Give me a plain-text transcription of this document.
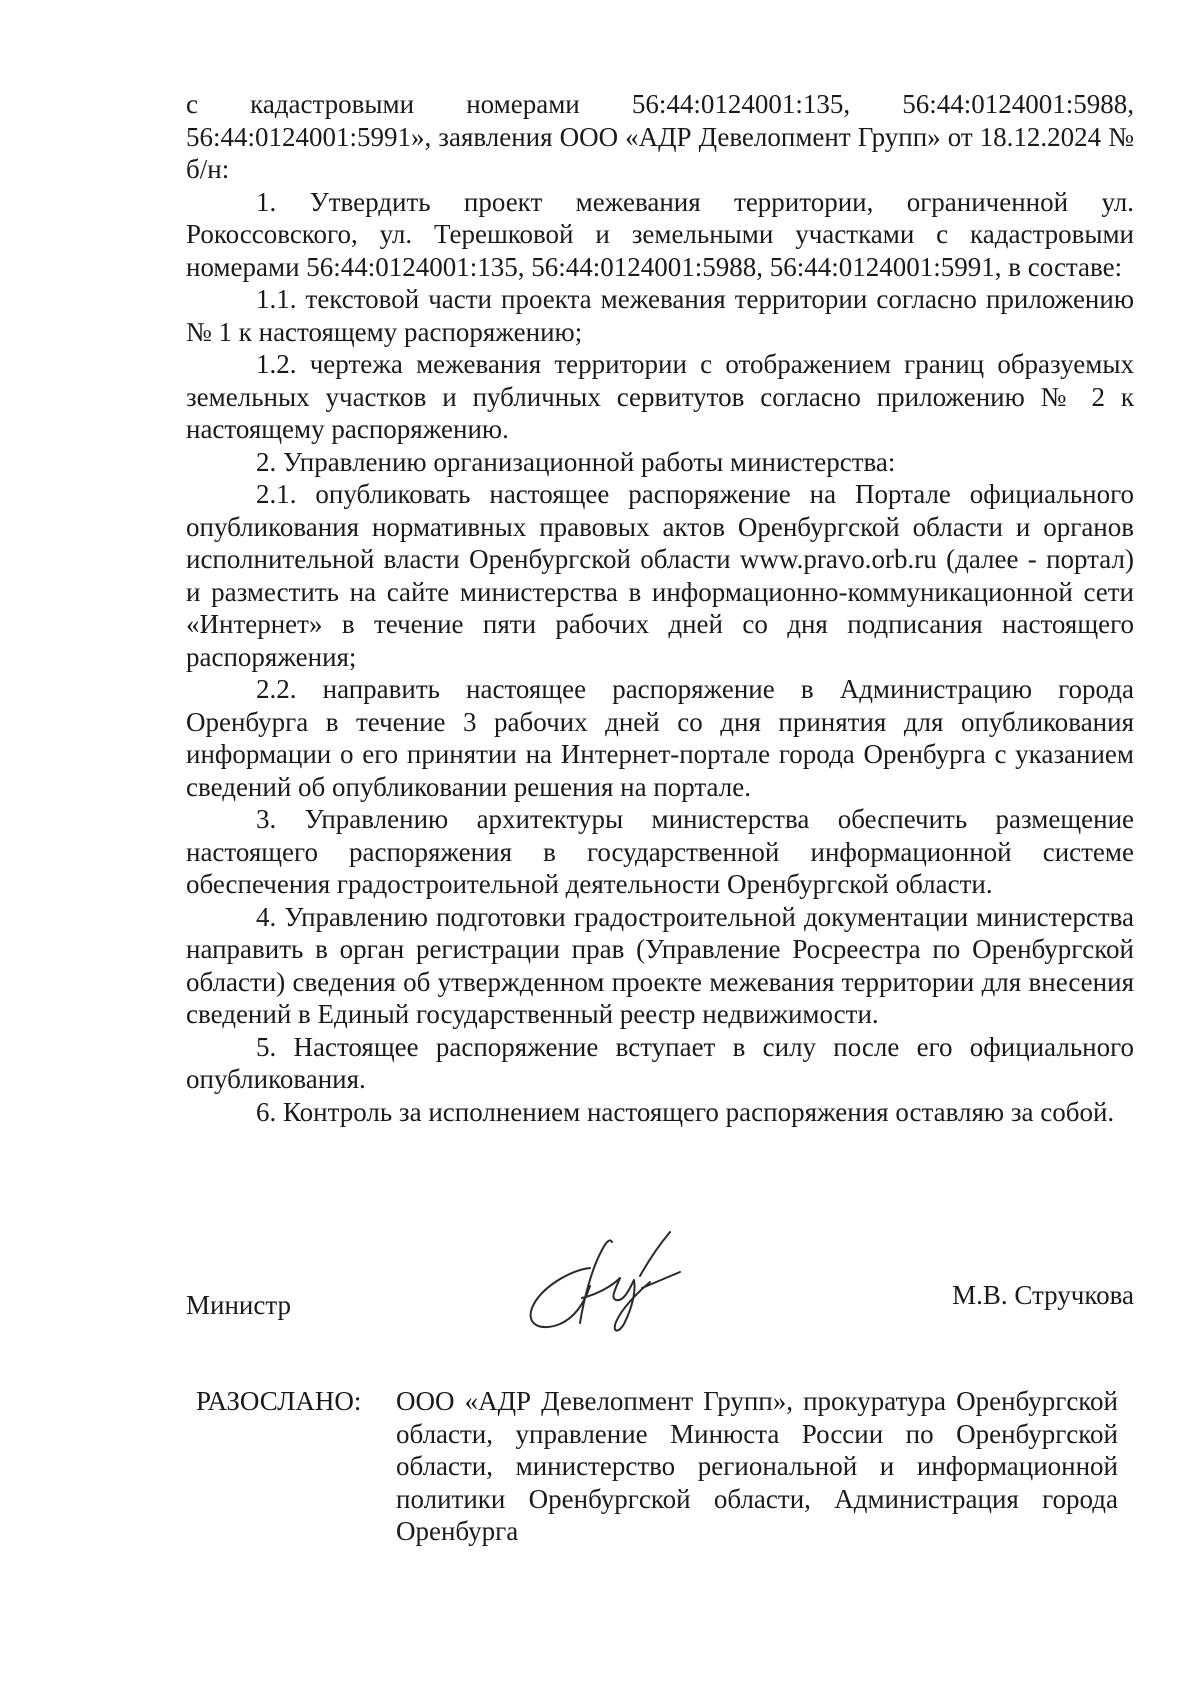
с кадастровыми номерами 56:44:0124001:135, 56:44:0124001:5988, 56:44:0124001:5991», заявления ООО «АДР Девелопмент Групп» от 18.12.2024 № б/н:

1. Утвердить проект межевания территории, ограниченной ул. Рокоссовского, ул. Терешковой и земельными участками с кадастровыми номерами 56:44:0124001:135, 56:44:0124001:5988, 56:44:0124001:5991, в составе:

1.1. текстовой части проекта межевания территории согласно приложению № 1 к настоящему распоряжению;

1.2. чертежа межевания территории с отображением границ образуемых земельных участков и публичных сервитутов согласно приложению № 2 к настоящему распоряжению.

2. Управлению организационной работы министерства:

2.1. опубликовать настоящее распоряжение на Портале официального опубликования нормативных правовых актов Оренбургской области и органов исполнительной власти Оренбургской области www.pravo.orb.ru (далее - портал) и разместить на сайте министерства в информационно-коммуникационной сети «Интернет» в течение пяти рабочих дней со дня подписания настоящего распоряжения;

2.2. направить настоящее распоряжение в Администрацию города Оренбурга в течение 3 рабочих дней со дня принятия для опубликования информации о его принятии на Интернет-портале города Оренбурга с указанием сведений об опубликовании решения на портале.

3. Управлению архитектуры министерства обеспечить размещение настоящего распоряжения в государственной информационной системе обеспечения градостроительной деятельности Оренбургской области.

4. Управлению подготовки градостроительной документации министерства направить в орган регистрации прав (Управление Росреестра по Оренбургской области) сведения об утвержденном проекте межевания территории для внесения сведений в Единый государственный реестр недвижимости.

5. Настоящее распоряжение вступает в силу после его официального опубликования.

6. Контроль за исполнением настоящего распоряжения оставляю за собой.

Министр	М.В. Стручкова
РАЗОСЛАНО: ООО «АДР Девелопмент Групп», прокуратура Оренбургской области, управление Минюста России по Оренбургской области, министерство региональной и информационной политики Оренбургской области, Администрация города Оренбурга
